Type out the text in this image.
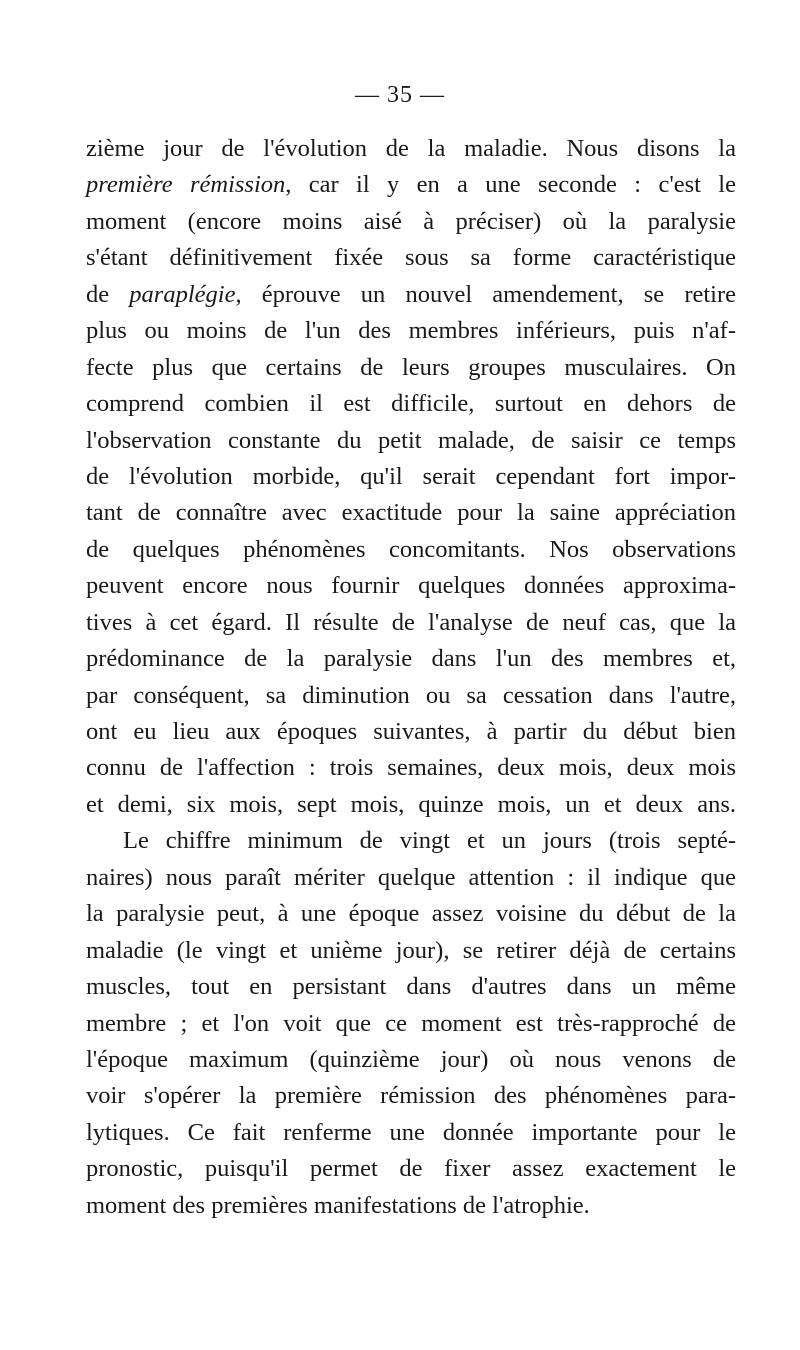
— 35 —
zième jour de l'évolution de la maladie. Nous disons la
première rémission, car il y en a une seconde : c'est le
moment (encore moins aisé à préciser) où la paralysie
s'étant définitivement fixée sous sa forme caractéristique
de paraplégie, éprouve un nouvel amendement, se retire
plus ou moins de l'un des membres inférieurs, puis n'af-
fecte plus que certains de leurs groupes musculaires. On
comprend combien il est difficile, surtout en dehors de
l'observation constante du petit malade, de saisir ce temps
de l'évolution morbide, qu'il serait cependant fort impor-
tant de connaître avec exactitude pour la saine appréciation
de quelques phénomènes concomitants. Nos observations
peuvent encore nous fournir quelques données approxima-
tives à cet égard. Il résulte de l'analyse de neuf cas, que la
prédominance de la paralysie dans l'un des membres et,
par conséquent, sa diminution ou sa cessation dans l'autre,
ont eu lieu aux époques suivantes, à partir du début bien
connu de l'affection : trois semaines, deux mois, deux mois
et demi, six mois, sept mois, quinze mois, un et deux ans.
Le chiffre minimum de vingt et un jours (trois septé-
naires) nous paraît mériter quelque attention : il indique que
la paralysie peut, à une époque assez voisine du début de la
maladie (le vingt et unième jour), se retirer déjà de certains
muscles, tout en persistant dans d'autres dans un même
membre ; et l'on voit que ce moment est très-rapproché de
l'époque maximum (quinzième jour) où nous venons de
voir s'opérer la première rémission des phénomènes para-
lytiques. Ce fait renferme une donnée importante pour le
pronostic, puisqu'il permet de fixer assez exactement le
moment des premières manifestations de l'atrophie.
